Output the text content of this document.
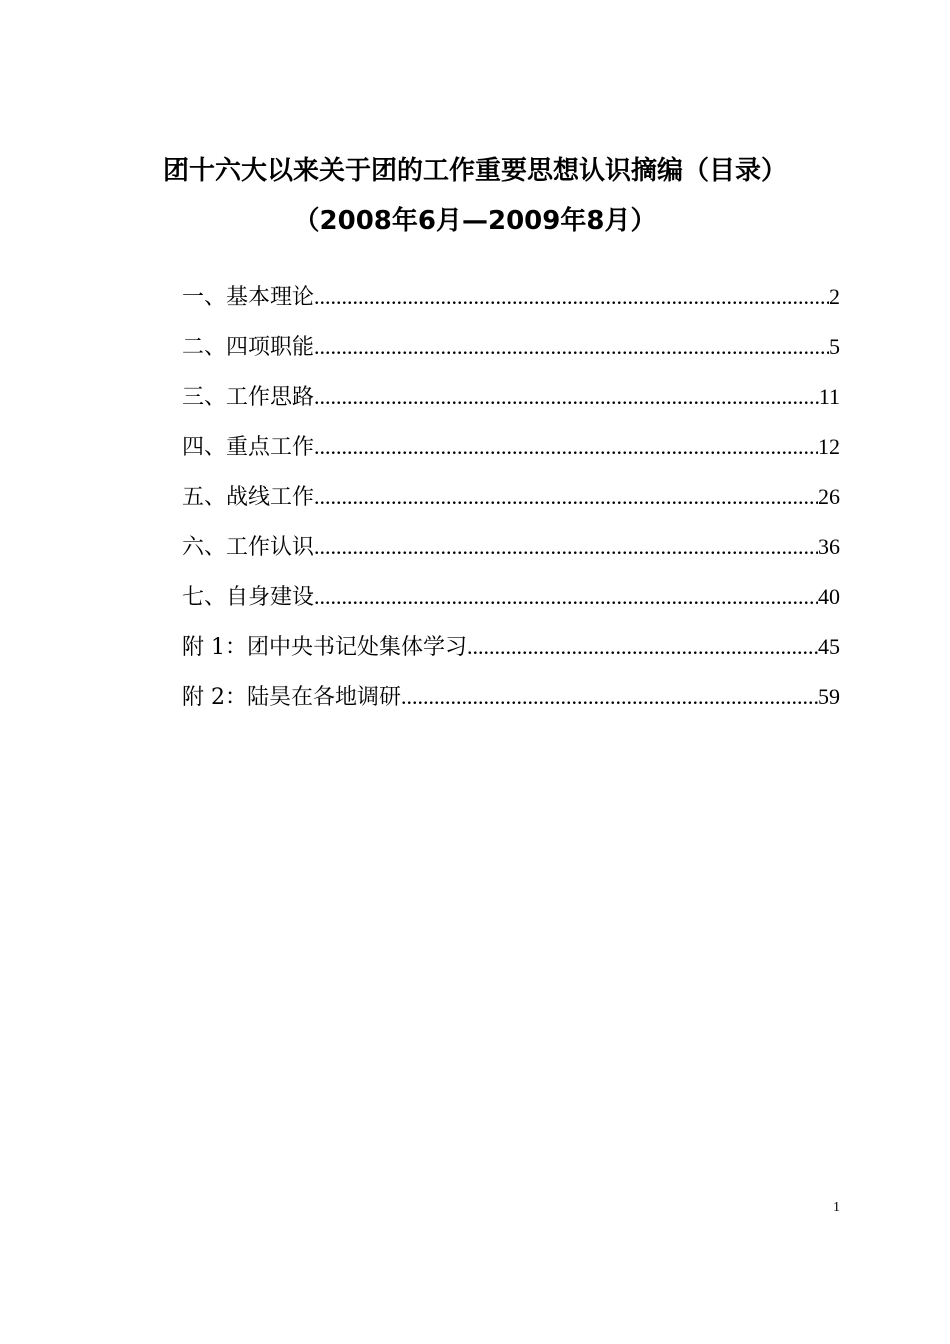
团十六大以来关于团的工作重要思想认识摘编（目录）
（2008年6月—2009年8月）
一、基本理论 .....	2
二、四项职能 .....	5
三、工作思路 .....	11
四、重点工作 .....	12
五、战线工作 .....	26
六、工作认识 .....	36
七、自身建设 .....	40
附 1：团中央书记处集体学习 .....	45
附 2：陆昊在各地调研 .....	59
1
